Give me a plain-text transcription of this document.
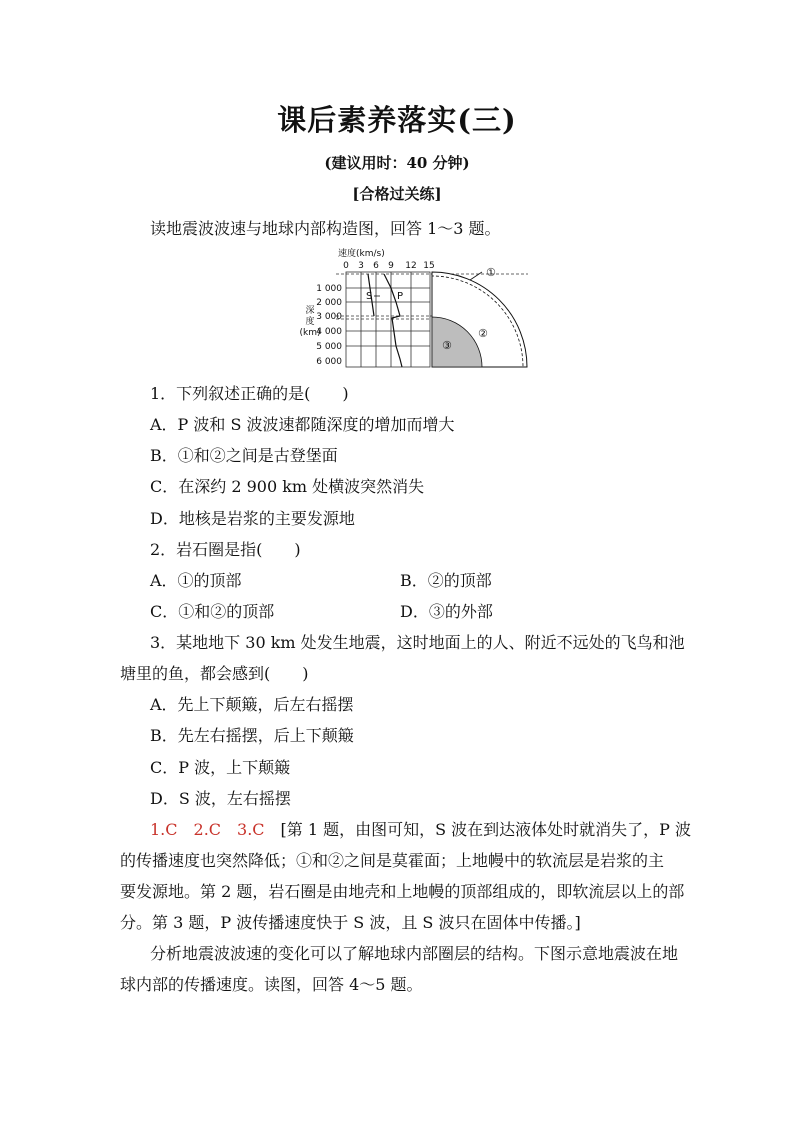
课后素养落实(三)
(建议用时：40 分钟)
[合格过关练]
读地震波波速与地球内部构造图，回答 1～3 题。
速度(km/s)
0 3 6 9 12 15
1 000
2 000
3 000
4 000
5 000
6 000
深
度
(km)
S P
①
②
③
1．下列叙述正确的是(　　)
A．P 波和 S 波波速都随深度的增加而增大
B．①和②之间是古登堡面
C．在深约 2 900 km 处横波突然消失
D．地核是岩浆的主要发源地
2．岩石圈是指(　　)
A．①的顶部	B．②的顶部
C．①和②的顶部	D．③的外部
3．某地地下 30 km 处发生地震，这时地面上的人、附近不远处的飞鸟和池
塘里的鱼，都会感到(　　)
A．先上下颠簸，后左右摇摆
B．先左右摇摆，后上下颠簸
C．P 波，上下颠簸
D．S 波，左右摇摆
1.C　2.C　3.C　[第 1 题，由图可知，S 波在到达液体处时就消失了，P 波
的传播速度也突然降低；①和②之间是莫霍面；上地幔中的软流层是岩浆的主
要发源地。第 2 题，岩石圈是由地壳和上地幔的顶部组成的，即软流层以上的部
分。第 3 题，P 波传播速度快于 S 波，且 S 波只在固体中传播。]
分析地震波波速的变化可以了解地球内部圈层的结构。下图示意地震波在地
球内部的传播速度。读图，回答 4～5 题。
